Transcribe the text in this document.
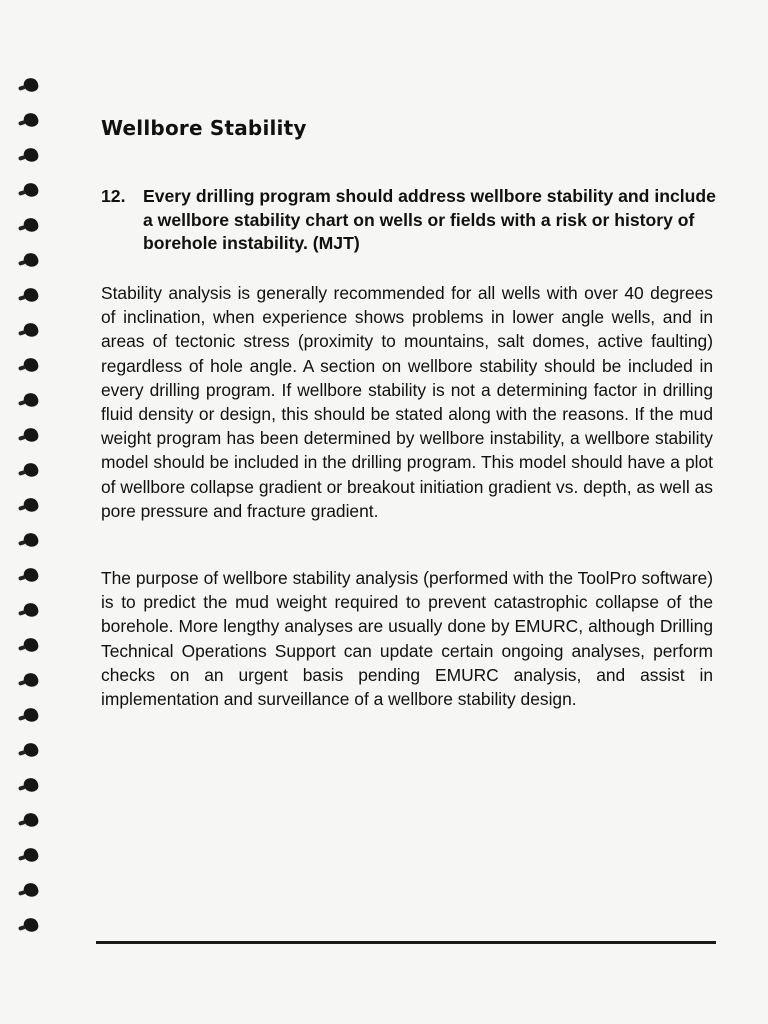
Wellbore Stability
12. Every drilling program should address wellbore stability and include a wellbore stability chart on wells or fields with a risk or history of borehole instability. (MJT)

Stability analysis is generally recommended for all wells with over 40 degrees of inclination, when experience shows problems in lower angle wells, and in areas of tectonic stress (proximity to mountains, salt domes, active faulting) regardless of hole angle. A section on wellbore stability should be included in every drilling program. If wellbore stability is not a determining factor in drilling fluid density or design, this should be stated along with the reasons. If the mud weight program has been determined by wellbore instability, a wellbore stability model should be included in the drilling program. This model should have a plot of wellbore collapse gradient or breakout initiation gradient vs. depth, as well as pore pressure and fracture gradient.

The purpose of wellbore stability analysis (performed with the ToolPro software) is to predict the mud weight required to prevent catastrophic collapse of the borehole. More lengthy analyses are usually done by EMURC, although Drilling Technical Operations Support can update certain ongoing analyses, perform checks on an urgent basis pending EMURC analysis, and assist in implementation and surveillance of a wellbore stability design.
